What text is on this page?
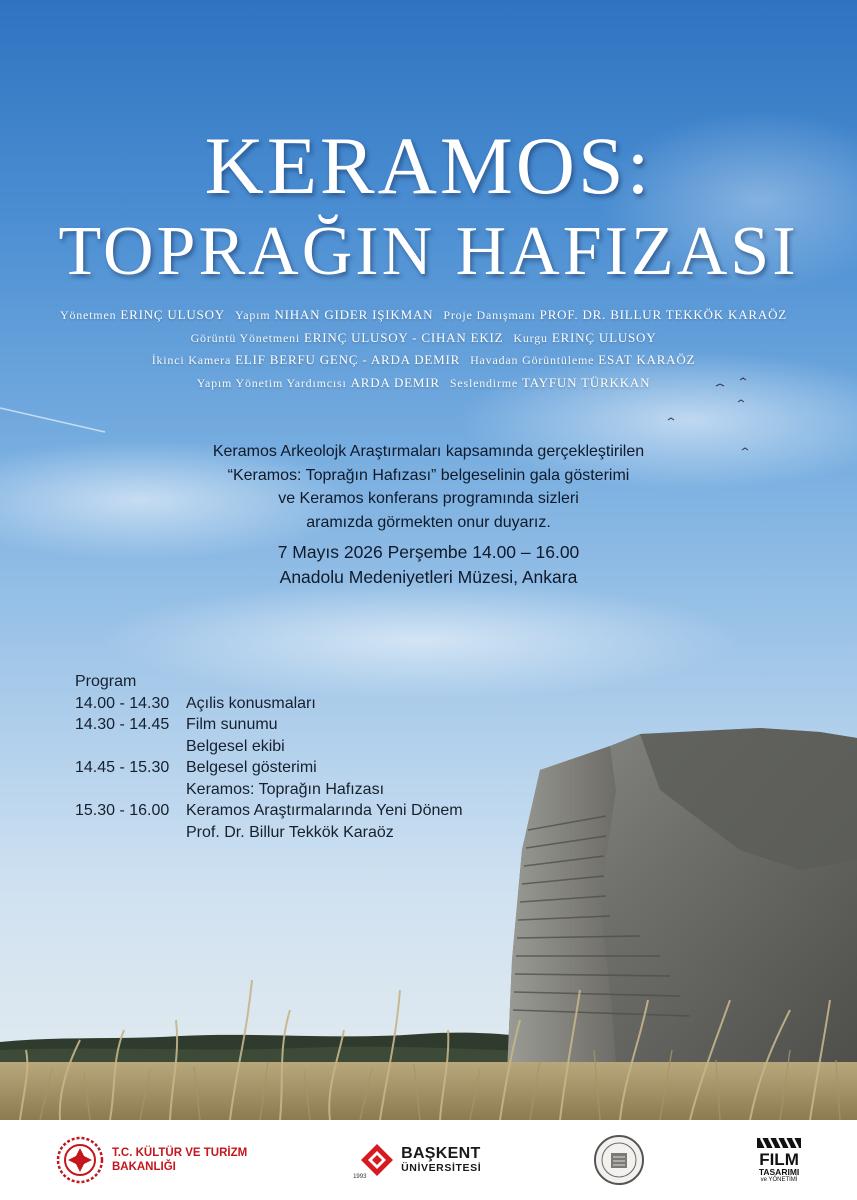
KERAMOS:
TOPRAĞIN HAFIZASI
Yönetmen ERINÇ ULUSOY Yapım NIHAN GIDER IŞIKMAN Proje Danışmanı PROF. DR. BILLUR TEKKÖK KARAÖZ
Görüntü Yönetmeni ERINÇ ULUSOY - CIHAN EKIZ Kurgu ERINÇ ULUSOY
İkinci Kamera ELIF BERFU GENÇ - ARDA DEMIR Havadan Görüntüleme ESAT KARAÖZ
Yapım Yönetim Yardımcısı ARDA DEMIR Seslendirme TAYFUN TÜRKKAN
Keramos Arkeolojk Araştırmaları kapsamında gerçekleştirilen
“Keramos: Toprağın Hafızası” belgeselinin gala gösterimi
ve Keramos konferans programında sizleri
aramızda görmekten onur duyarız.
7 Mayıs 2026 Perşembe 14.00 – 16.00
Anadolu Medeniyetleri Müzesi, Ankara
Program
14.00 - 14.30	Açılis konusmaları
14.30 - 14.45	Film sunumu
Belgesel ekibi
14.45 - 15.30	Belgesel gösterimi
Keramos: Toprağın Hafızası
15.30 - 16.00	Keramos Araştırmalarında Yeni Dönem
Prof. Dr. Billur Tekkök Karaöz
T.C. KÜLTÜR VE TURİZM
BAKANLIĞI
1993
BAŞKENT
ÜNİVERSİTESİ	FILM
TASARIMI
ve YÖNETİMİ
